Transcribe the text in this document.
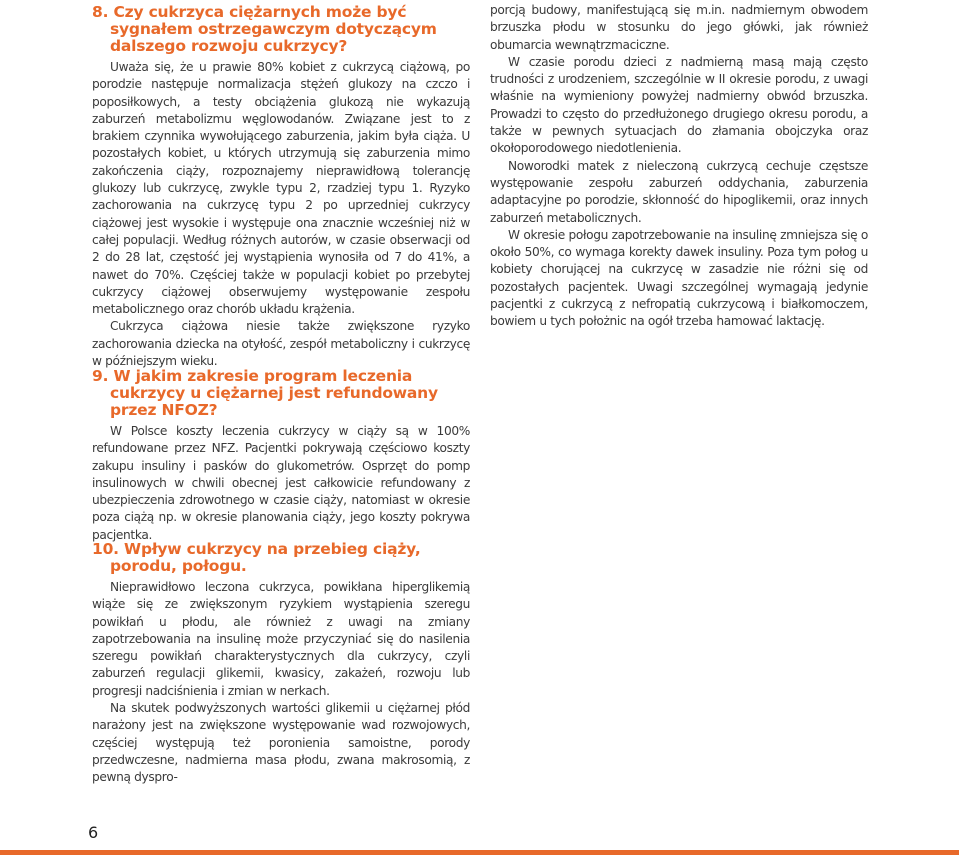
8. Czy cukrzyca ciężarnych może być sygnałem ostrzegawczym dotyczącym dalszego rozwoju cukrzycy?

Uważa się, że u prawie 80% kobiet z cukrzycą ciążową, po porodzie następuje normalizacja stężeń glukozy na czczo i poposiłkowych, a testy obciążenia glukozą nie wykazują zaburzeń metabolizmu węglowodanów. Związane jest to z brakiem czynnika wywołującego zaburzenia, jakim była ciąża. U pozostałych kobiet, u których utrzymują się zaburzenia mimo zakończenia ciąży, rozpoznajemy nieprawidłową tolerancję glukozy lub cukrzycę, zwykle typu 2, rzadziej typu 1. Ryzyko zachorowania na cukrzycę typu 2 po uprzedniej cukrzycy ciążowej jest wysokie i występuje ona znacznie wcześniej niż w całej populacji. Według różnych autorów, w czasie obserwacji od 2 do 28 lat, częstość jej wystąpienia wynosiła od 7 do 41%, a nawet do 70%. Częściej także w populacji kobiet po przebytej cukrzycy ciążowej obserwujemy występowanie zespołu metabolicznego oraz chorób układu krążenia.

Cukrzyca ciążowa niesie także zwiększone ryzyko zachorowania dziecka na otyłość, zespół metaboliczny i cukrzycę w późniejszym wieku.

9. W jakim zakresie program leczenia cukrzycy u ciężarnej jest refundowany przez NFOZ?

W Polsce koszty leczenia cukrzycy w ciąży są w 100% refundowane przez NFZ. Pacjentki pokrywają częściowo koszty zakupu insuliny i pasków do glukometrów. Osprzęt do pomp insulinowych w chwili obecnej jest całkowicie refundowany z ubezpieczenia zdrowotnego w czasie ciąży, natomiast w okresie poza ciążą np. w okresie planowania ciąży, jego koszty pokrywa pacjentka.

10. Wpływ cukrzycy na przebieg ciąży, porodu, połogu.

Nieprawidłowo leczona cukrzyca, powikłana hiperglikemią wiąże się ze zwiększonym ryzykiem wystąpienia szeregu powikłań u płodu, ale również z uwagi na zmiany zapotrzebowania na insulinę może przyczyniać się do nasilenia szeregu powikłań charakterystycznych dla cukrzycy, czyli zaburzeń regulacji glikemii, kwasicy, zakażeń, rozwoju lub progresji nadciśnienia i zmian w nerkach.

Na skutek podwyższonych wartości glikemii u ciężarnej płód narażony jest na zwiększone występowanie wad rozwojowych, częściej występują też poronienia samoistne, porody przedwczesne, nadmierna masa płodu, zwana makrosomią, z pewną dyspro-

porcją budowy, manifestującą się m.in. nadmiernym obwodem brzuszka płodu w stosunku do jego główki, jak również obumarcia wewnątrzmaciczne.

W czasie porodu dzieci z nadmierną masą mają często trudności z urodzeniem, szczególnie w II okresie porodu, z uwagi właśnie na wymieniony powyżej nadmierny obwód brzuszka. Prowadzi to często do przedłużonego drugiego okresu porodu, a także w pewnych sytuacjach do złamania obojczyka oraz okołoporodowego niedotlenienia.

Noworodki matek z nieleczoną cukrzycą cechuje częstsze występowanie zespołu zaburzeń oddychania, zaburzenia adaptacyjne po porodzie, skłonność do hipoglikemii, oraz innych zaburzeń metabolicznych.

W okresie połogu zapotrzebowanie na insulinę zmniejsza się o około 50%, co wymaga korekty dawek insuliny. Poza tym połog u kobiety chorującej na cukrzycę w zasadzie nie różni się od pozostałych pacjentek. Uwagi szczególnej wymagają jedynie pacjentki z cukrzycą z nefropatią cukrzycową i białkomoczem, bowiem u tych położnic na ogół trzeba hamować laktację.

6
